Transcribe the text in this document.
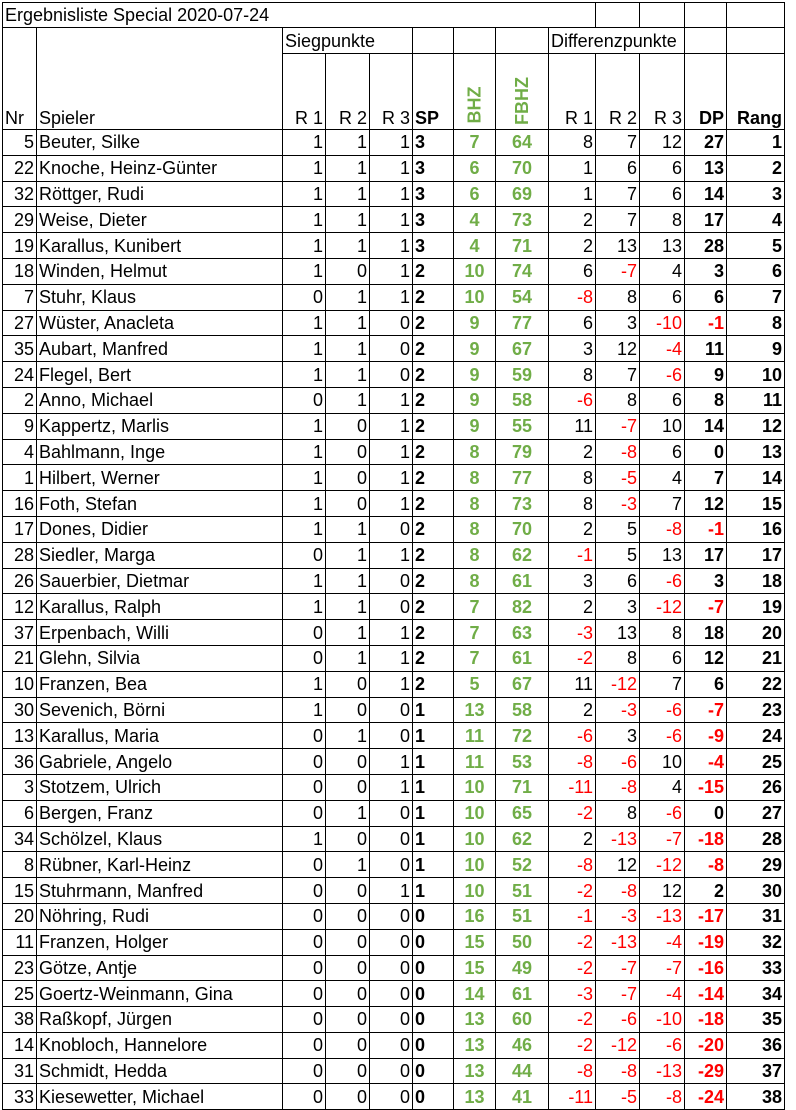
Ergebnisliste Special 2020-07-24												
		Siegpunkte						Differenzpunkte				
Nr	Spieler	R 1	R 2	R 3	SP	BHZ	FBHZ	R 1	R 2	R 3	DP	Rang
5	Beuter, Silke	1	1	1	3	7	64	8	7	12	27	1
22	Knoche, Heinz-Günter	1	1	1	3	6	70	1	6	6	13	2
32	Röttger, Rudi	1	1	1	3	6	69	1	7	6	14	3
29	Weise, Dieter	1	1	1	3	4	73	2	7	8	17	4
19	Karallus, Kunibert	1	1	1	3	4	71	2	13	13	28	5
18	Winden, Helmut	1	0	1	2	10	74	6	-7	4	3	6
7	Stuhr, Klaus	0	1	1	2	10	54	-8	8	6	6	7
27	Wüster, Anacleta	1	1	0	2	9	77	6	3	-10	-1	8
35	Aubart, Manfred	1	1	0	2	9	67	3	12	-4	11	9
24	Flegel, Bert	1	1	0	2	9	59	8	7	-6	9	10
2	Anno, Michael	0	1	1	2	9	58	-6	8	6	8	11
9	Kappertz, Marlis	1	0	1	2	9	55	11	-7	10	14	12
4	Bahlmann, Inge	1	0	1	2	8	79	2	-8	6	0	13
1	Hilbert, Werner	1	0	1	2	8	77	8	-5	4	7	14
16	Foth, Stefan	1	0	1	2	8	73	8	-3	7	12	15
17	Dones, Didier	1	1	0	2	8	70	2	5	-8	-1	16
28	Siedler, Marga	0	1	1	2	8	62	-1	5	13	17	17
26	Sauerbier, Dietmar	1	1	0	2	8	61	3	6	-6	3	18
12	Karallus, Ralph	1	1	0	2	7	82	2	3	-12	-7	19
37	Erpenbach, Willi	0	1	1	2	7	63	-3	13	8	18	20
21	Glehn, Silvia	0	1	1	2	7	61	-2	8	6	12	21
10	Franzen, Bea	1	0	1	2	5	67	11	-12	7	6	22
30	Sevenich, Börni	1	0	0	1	13	58	2	-3	-6	-7	23
13	Karallus, Maria	0	1	0	1	11	72	-6	3	-6	-9	24
36	Gabriele, Angelo	0	0	1	1	11	53	-8	-6	10	-4	25
3	Stotzem, Ulrich	0	0	1	1	10	71	-11	-8	4	-15	26
6	Bergen, Franz	0	1	0	1	10	65	-2	8	-6	0	27
34	Schölzel, Klaus	1	0	0	1	10	62	2	-13	-7	-18	28
8	Rübner, Karl-Heinz	0	1	0	1	10	52	-8	12	-12	-8	29
15	Stuhrmann, Manfred	0	0	1	1	10	51	-2	-8	12	2	30
20	Nöhring, Rudi	0	0	0	0	16	51	-1	-3	-13	-17	31
11	Franzen, Holger	0	0	0	0	15	50	-2	-13	-4	-19	32
23	Götze, Antje	0	0	0	0	15	49	-2	-7	-7	-16	33
25	Goertz-Weinmann, Gina	0	0	0	0	14	61	-3	-7	-4	-14	34
38	Raßkopf, Jürgen	0	0	0	0	13	60	-2	-6	-10	-18	35
14	Knobloch, Hannelore	0	0	0	0	13	46	-2	-12	-6	-20	36
31	Schmidt, Hedda	0	0	0	0	13	44	-8	-8	-13	-29	37
33	Kiesewetter, Michael	0	0	0	0	13	41	-11	-5	-8	-24	38
